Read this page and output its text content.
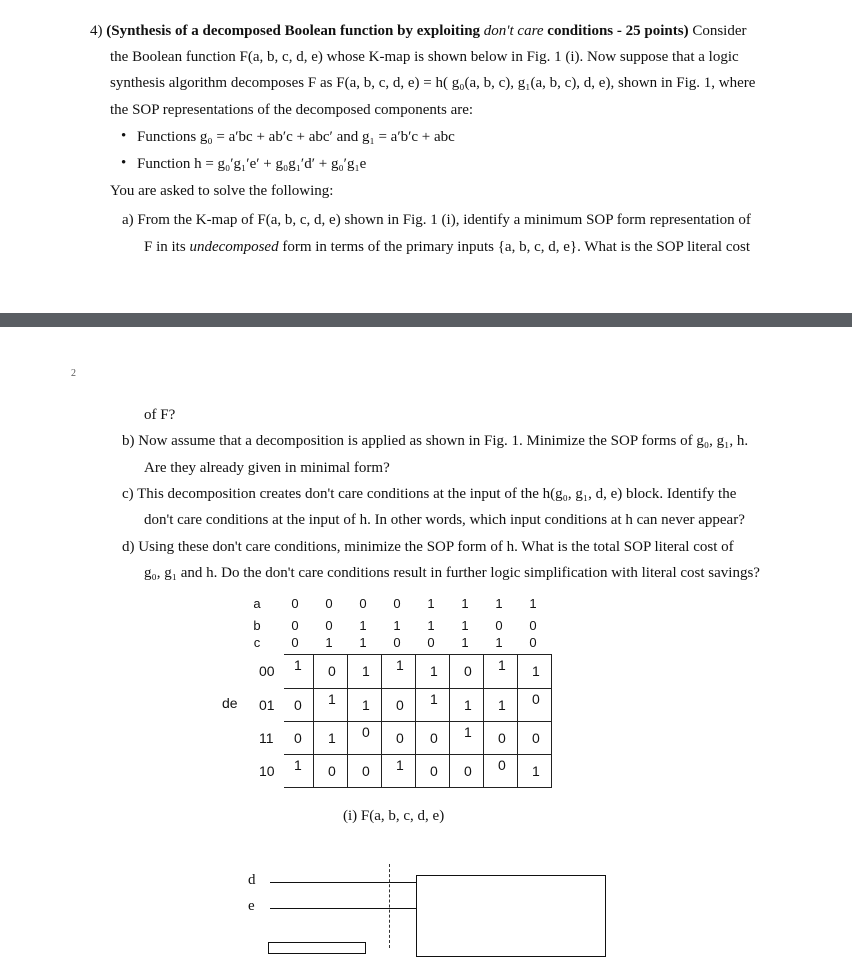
4) (Synthesis of a decomposed Boolean function by exploiting don't care conditions - 25 points) Consider
the Boolean function F(a, b, c, d, e) whose K-map is shown below in Fig. 1 (i). Now suppose that a logic
synthesis algorithm decomposes F as F(a, b, c, d, e) = h( g₀(a, b, c), g₁(a, b, c), d, e), shown in Fig. 1, where
the SOP representations of the decomposed components are:
• Functions g₀ = a′bc + ab′c + abc′ and g₁ = a′b′c + abc
• Function h = g₀′g₁′e′ + g₀g₁′d′ + g₀′g₁e
You are asked to solve the following:
a) From the K-map of F(a, b, c, d, e) shown in Fig. 1 (i), identify a minimum SOP form representation of
F in its undecomposed form in terms of the primary inputs {a, b, c, d, e}. What is the SOP literal cost
2
of F?
b) Now assume that a decomposition is applied as shown in Fig. 1. Minimize the SOP forms of g₀, g₁, h.
Are they already given in minimal form?
c) This decomposition creates don't care conditions at the input of the h(g₀, g₁, d, e) block. Identify the
don't care conditions at the input of h. In other words, which input conditions at h can never appear?
d) Using these don't care conditions, minimize the SOP form of h. What is the total SOP literal cost of
g₀, g₁ and h. Do the don't care conditions result in further logic simplification with literal cost savings?
a
b
c
0 0 0 0 1 1 1 1
0 0 1 1 1 1 0 0
0 1 1 0 0 1 1 0
de
00
01
11
10
1 0 1 1 1 0 1 1
0 1 1 0 1 1 1 0
0 1 0 0 0 1 0 0
1 0 0 1 0 0 0 1
(i) F(a, b, c, d, e)
d
e
